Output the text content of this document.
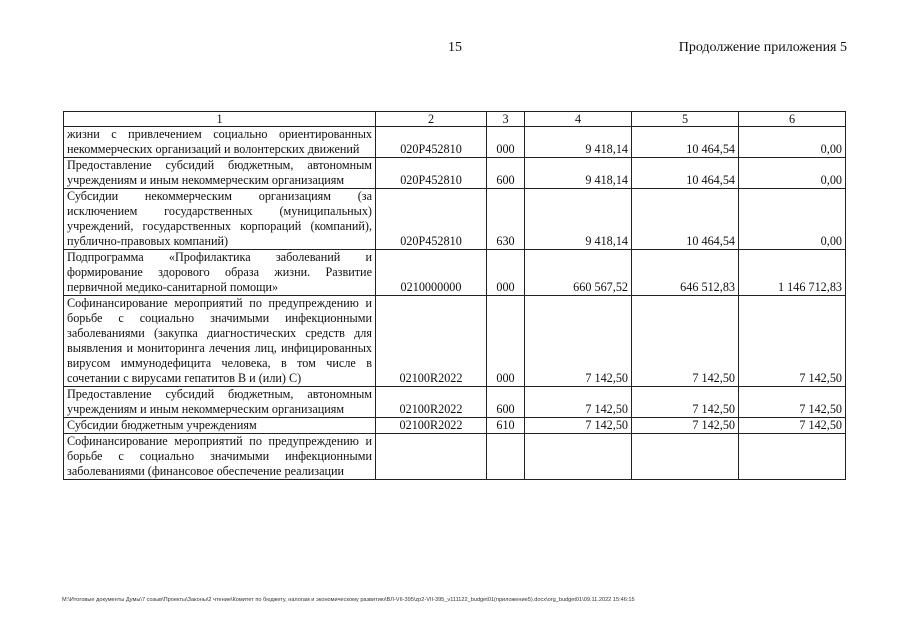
15	Продолжение приложения 5
1	2	3	4	5	6
жизни с привлечением социально ориентированных некоммерческих организаций и волонтерских движений	020P452810	000	9 418,14	10 464,54	0,00
Предоставление субсидий бюджетным, автономным учреждениям и иным некоммерческим организациям	020P452810	600	9 418,14	10 464,54	0,00
Субсидии некоммерческим организациям (за исключением государственных (муниципальных) учреждений, государственных корпораций (компаний), публично-правовых компаний)	020P452810	630	9 418,14	10 464,54	0,00
Подпрограмма «Профилактика заболеваний и формирование здорового образа жизни. Развитие первичной медико-санитарной помощи»	0210000000	000	660 567,52	646 512,83	1 146 712,83
Софинансирование мероприятий по предупреждению и борьбе с социально значимыми инфекционными заболеваниями (закупка диагностических средств для выявления и мониторинга лечения лиц, инфицированных вирусом иммунодефицита человека, в том числе в сочетании с вирусами гепатитов B и (или) C)	02100R2022	000	7 142,50	7 142,50	7 142,50
Предоставление субсидий бюджетным, автономным учреждениям и иным некоммерческим организациям	02100R2022	600	7 142,50	7 142,50	7 142,50
Субсидии бюджетным учреждениям	02100R2022	610	7 142,50	7 142,50	7 142,50
Софинансирование мероприятий по предупреждению и борьбе с социально значимыми инфекционными заболеваниями (финансовое обеспечение реализации					
M:\Итоговые документы Думы\7 созыв\Проекты\Законы\2 чтение\Комитет по бюджету, налогам и экономическому развитию\ВЛ-VII-395\zp2-VII-395_v111122_budget01(приложение5).docx\org_budget01\09.11.2022 15:46:15
